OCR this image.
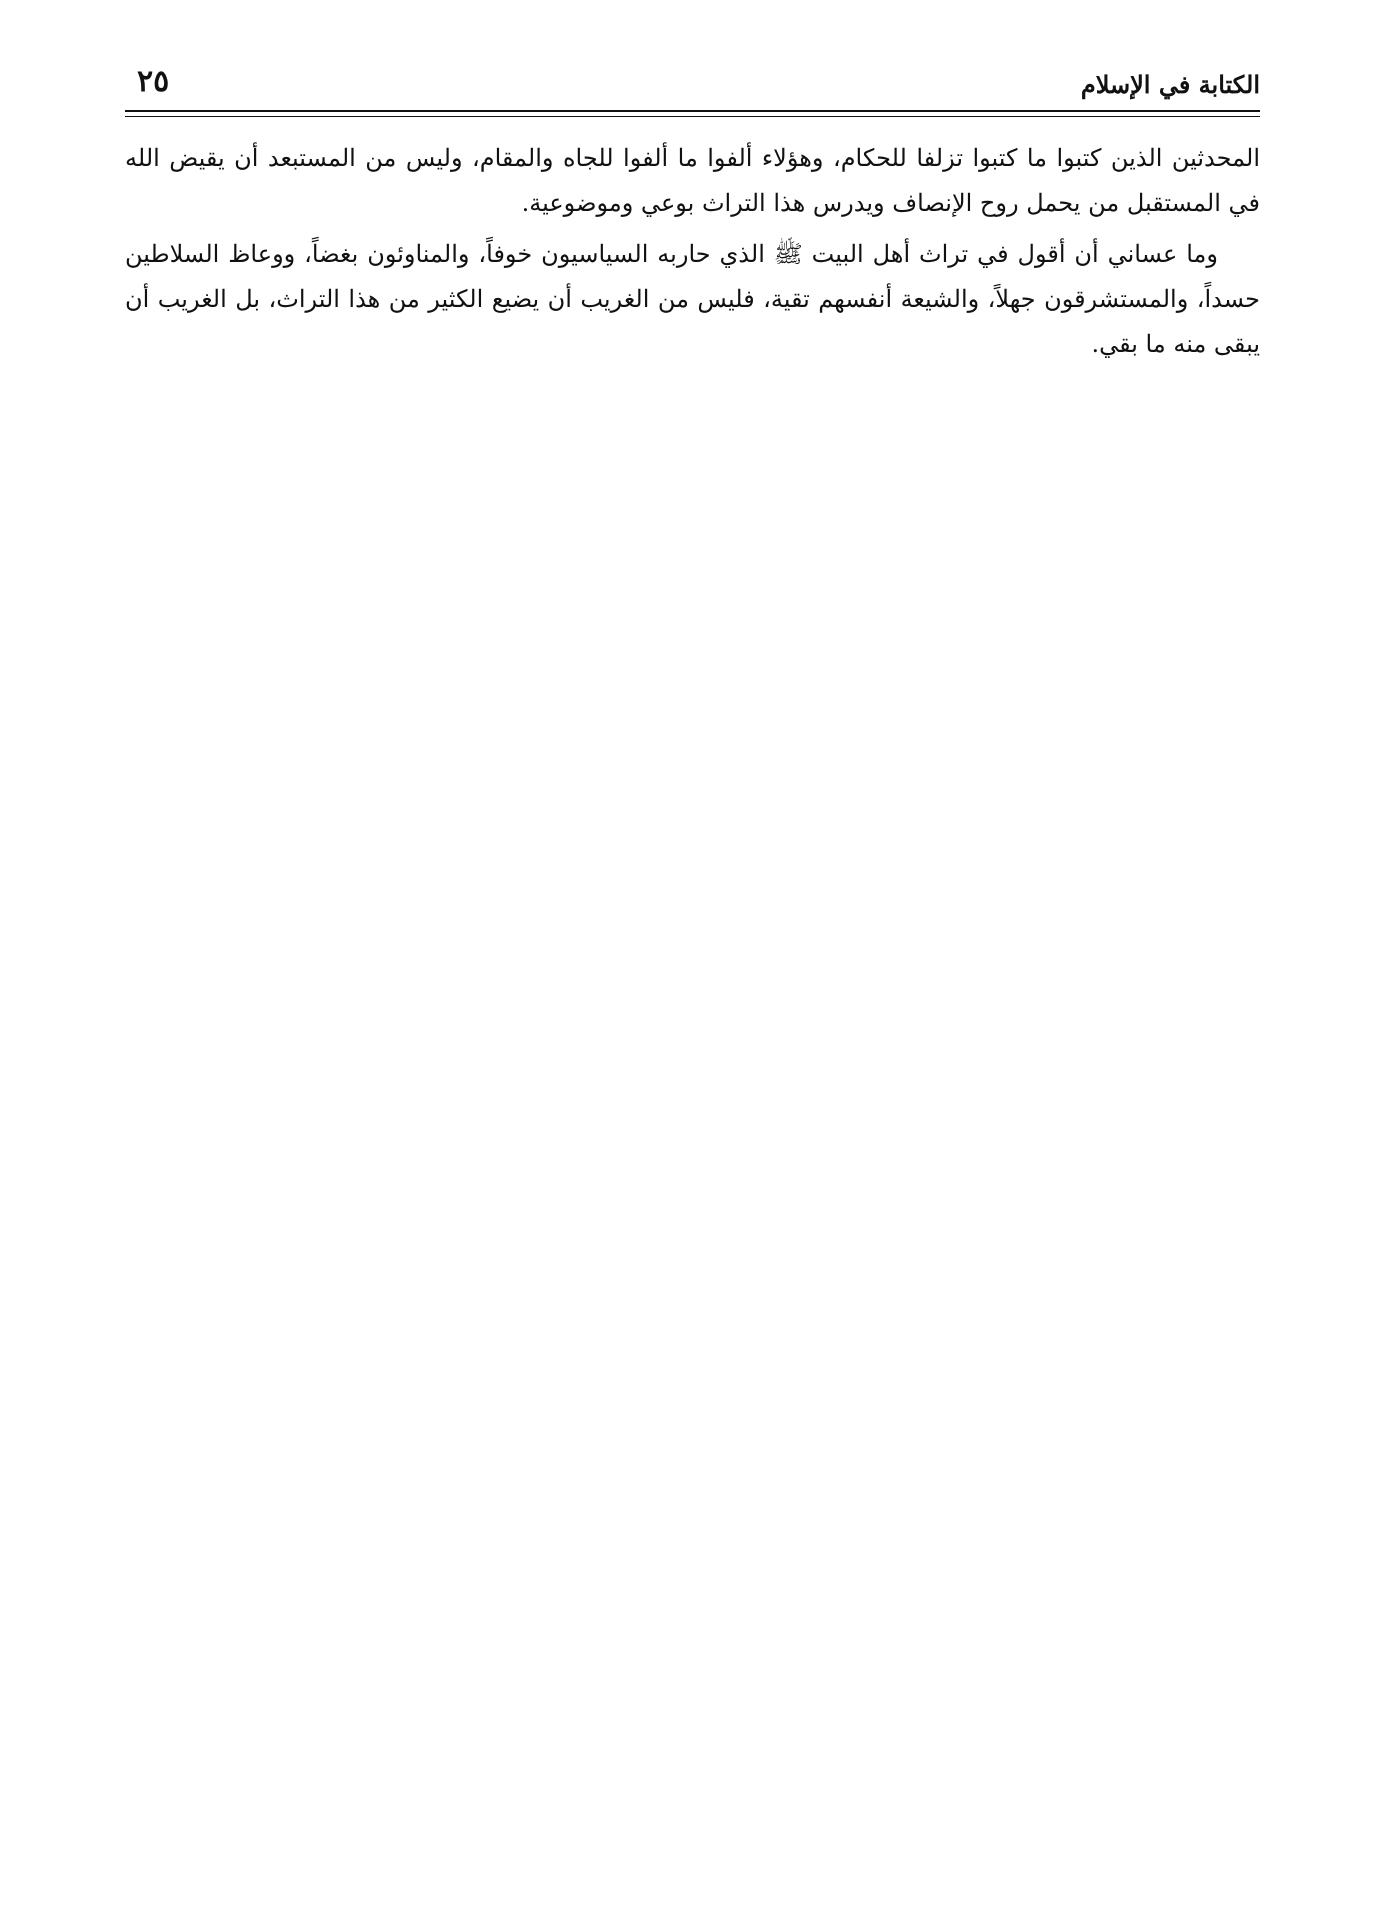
الكتابة في الإسلام
٢٥

المحدثين الذين كتبوا ما كتبوا تزلفا للحكام، وهؤلاء ألفوا ما ألفوا للجاه والمقام، وليس من المستبعد أن يقيض الله في المستقبل من يحمل روح الإنصاف ويدرس هذا التراث بوعي وموضوعية.

وما عساني أن أقول في تراث أهل البيت ﷺ الذي حاربه السياسيون خوفاً، والمناوئون بغضاً، ووعاظ السلاطين حسداً، والمستشرقون جهلاً، والشيعة أنفسهم تقية، فليس من الغريب أن يضيع الكثير من هذا التراث، بل الغريب أن يبقى منه ما بقي.
